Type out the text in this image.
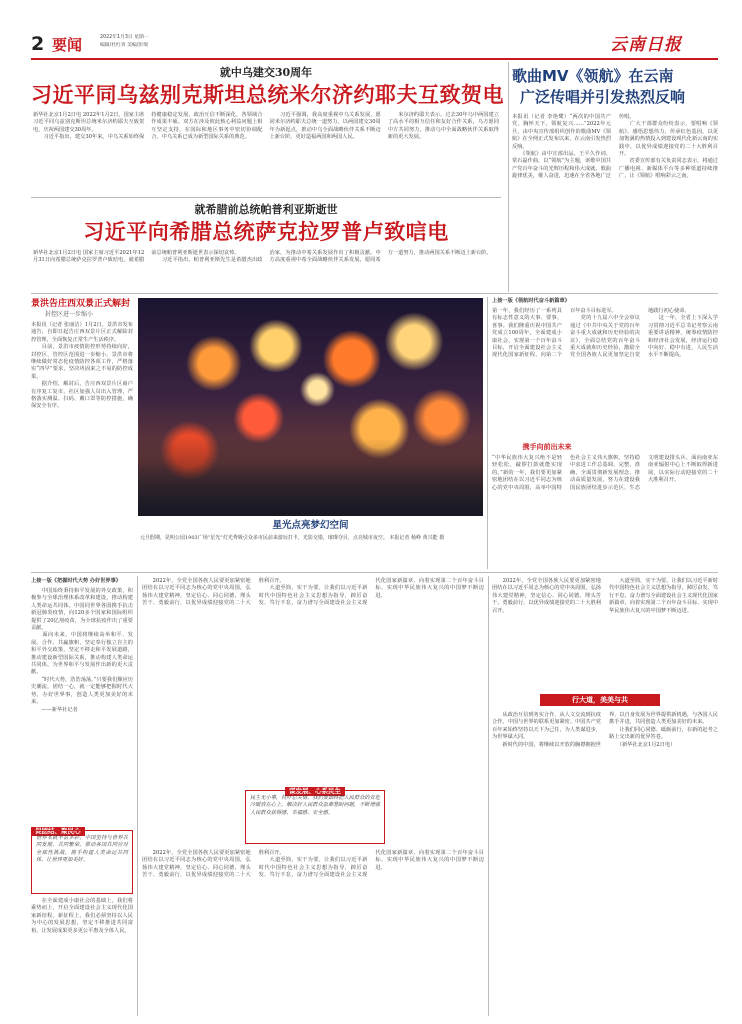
2 要闻	2022年1月3日 星期一
编辑/杜红青 美编/彭瑞	云南日报
就中乌建交30周年
习近平同乌兹别克斯坦总统米尔济约耶夫互致贺电
新华社北京1月2日电 2022年1月2日，国家主席习近平同乌兹别克斯坦总统米尔济约耶夫互致贺电，庆祝两国建交30周年。
　　习近平指出，建交30年来，中乌关系始终保持健康稳定发展，政治互信不断深化，各领域合作成果丰硕。双方在涉及彼此核心利益问题上相互坚定支持，在国际和地区事务中密切协调配合。中乌关系已成为新型国际关系的典范。
　　习近平强调，我高度重视中乌关系发展，愿同米尔济约耶夫总统一道努力，以两国建交30周年为新起点，推动中乌全面战略伙伴关系不断迈上新台阶，更好造福两国和两国人民。
　　米尔济约耶夫表示，过去30年乌中两国建立了高水平的相互信任和友好合作关系，乌方愿同中方共同努力，推动乌中全面战略伙伴关系取得新的更大发展。
就希腊前总统帕普利亚斯逝世
习近平向希腊总统萨克拉罗普卢致唁电
新华社北京1月2日电 国家主席习近平2021年12月31日向希腊总统萨克拉罗普卢致唁电，就希腊前总统帕普利亚斯逝世表示深切哀悼。
　　习近平指出，帕普利亚斯先生是希腊杰出政治家，为推动中希关系发展作出了积极贡献。中方高度重视中希全面战略伙伴关系发展，愿同希方一道努力，推动两国关系不断迈上新台阶。
歌曲MV《领航》在云南
广泛传唱并引发热烈反响
本报讯（记者 李艳鹭）“两次的中国共产党，胸怀天下，领航复兴……”2022年元旦，由中央宣传部组织创作的歌曲MV《领航》在全网正式发布以来，在云南引发热烈反响。
　　《领航》由中宣部出品，王平久作词、常石磊作曲，以“领航”为主题，讴歌中国共产党百年奋斗的光辉历程和伟大成就。歌曲旋律优美，催人奋进，迅速在全省各地广泛传唱。
　　广大干部群众纷纷表示，要唱响《领航》，感悟思想伟力，传承红色基因，以更加饱满的热情投入到建设现代化新云南的实践中，以优异成绩迎接党的二十大胜利召开。
　　省委宣传部有关负责同志表示，将通过广播电视、新媒体平台等多种渠道持续推广，让《领航》唱响彩云之南。
景洪告庄西双景正式解封
封控区进一步缩小
本报讯（记者 张丽洁）1月2日，景洪市发布通告，自即日起告庄西双景片区正式解除封控管理，全面恢复正常生产生活秩序。
　　目前，景洪市疫情防控形势持续向好，封控区、管控区范围进一步缩小。景洪市将继续做好常态化疫情防控各项工作，严格落实“四早”要求，坚决巩固来之不易的防控成果。
　　据介绍，解封后，告庄西双景片区商户有序复工复市，社区加强人员出入管理，严格落实测温、扫码、戴口罩等防控措施，确保安全有序。
星光点亮梦幻空间
元旦假期，昆明公园1903广场“星光”灯光秀吸引众多市民前来游玩打卡，光影交错，璀璨夺目，点亮城市夜空。 本报记者 杨峥 黄兴能 摄
上接一版《领航时代奋斗新篇章》
第一年，我们经历了一系列具有标志性意义的大事、要事、喜事。我们隆重庆祝中国共产党成立100周年，全面建成小康社会，实现第一个百年奋斗目标，开启全面建设社会主义现代化国家新征程，向第二个百年奋斗目标进军。
　　党的十九届六中全会审议通过《中共中央关于党的百年奋斗重大成就和历史经验的决议》，全面总结党的百年奋斗重大成就和历史经验，激励全党全国各族人民更加坚定自觉地践行初心使命。
　　这一年，全省上下深入学习贯彻习近平总书记考察云南重要讲话精神，统筹疫情防控和经济社会发展，经济运行稳中向好、稳中有进，人民生活水平不断提高。
携手向前出未来
“中华民族伟大复兴绝不是轻轻松松、敲锣打鼓就能实现的。”新的一年，我们要更加紧密地团结在以习近平同志为核心的党中央周围，高举中国特色社会主义伟大旗帜，坚持稳中求进工作总基调，完整、准确、全面贯彻新发展理念，推动高质量发展，努力在建设我国民族团结进步示范区、生态文明建设排头兵、面向南亚东南亚辐射中心上不断取得新进展，以实际行动迎接党的二十大胜利召开。
上接一版《把握时代大势 办好世界事》
　　中国始终秉持和平发展的外交政策，积极参与全球治理体系改革和建设，推动构建人类命运共同体。中国同世界各国携手抗击新冠肺炎疫情，向120多个国家和国际组织提供了20亿剂疫苗，为全球抗疫作出了重要贡献。
　　面向未来，中国将继续高举和平、发展、合作、共赢旗帜，坚定奉行独立自主的和平外交政策，坚定不移走和平发展道路，推动建设新型国际关系，推动构建人类命运共同体，为世界和平与发展作出新的更大贡献。
　　“时代大势，浩浩荡荡。”只要我们顺应历史潮流，团结一心，就一定能够把握时代大势，办好世界事，创造人类更加美好的未来。
　　——新华社记者
促团结、聚民心
世界本就丰富多彩，中国坚持与世界共同发展、共同繁荣，推动各国共同应对全球性挑战，携手构建人类命运共同体，让世界更加美好。
　　在全面建成小康社会的基础上，我们将乘势而上，开启全面建设社会主义现代化国家新征程。新征程上，我们必须坚持以人民为中心的发展思想，坚定不移推进共同富裕，让发展成果更多更公平惠及全体人民。
　　2022年，全党全国各族人民要更加紧密地团结在以习近平同志为核心的党中央周围，弘扬伟大建党精神，坚定信心、同心同德，埋头苦干、勇毅前行，以优异成绩迎接党的二十大胜利召开。
　　大道至简，实干为要。让我们以习近平新时代中国特色社会主义思想为指导，踔厉奋发、笃行不怠，奋力谱写全面建设社会主义现代化国家新篇章，向着实现第二个百年奋斗目标、实现中华民族伟大复兴的中国梦不断迈进。
谋发展、心系民生
民生无小事，枝叶总关情。我们要始终把人民群众的安危冷暖放在心上，解决好人民群众急难愁盼问题，不断增强人民群众获得感、幸福感、安全感。
　　2022年，全党全国各族人民要更加紧密地团结在以习近平同志为核心的党中央周围，弘扬伟大建党精神，坚定信心、同心同德，埋头苦干、勇毅前行，以优异成绩迎接党的二十大胜利召开。
　　大道至简，实干为要。让我们以习近平新时代中国特色社会主义思想为指导，踔厉奋发、笃行不怠，奋力谱写全面建设社会主义现代化国家新篇章，向着实现第二个百年奋斗目标、实现中华民族伟大复兴的中国梦不断迈进。
　　2022年，全党全国各族人民要更加紧密地团结在以习近平同志为核心的党中央周围，弘扬伟大建党精神，坚定信心、同心同德，埋头苦干、勇毅前行，以优异成绩迎接党的二十大胜利召开。
　　大道至简，实干为要。让我们以习近平新时代中国特色社会主义思想为指导，踔厉奋发、笃行不怠，奋力谱写全面建设社会主义现代化国家新篇章，向着实现第二个百年奋斗目标、实现中华民族伟大复兴的中国梦不断迈进。
行大道，美美与共
　　从政治互信到务实合作，从人文交流到抗疫合作，中国与世界的联系更加紧密。中国共产党百年来始终坚持以天下为己任，为人类谋进步，为世界谋大同。
　　新时代的中国，将继续以开放的胸襟拥抱世界，以自身发展为世界提供新机遇，与各国人民携手并进，共同创造人类更加美好的未来。
　　让我们同心同德、砥砺前行，在新的赶考之路上交出新的优异答卷。
　　（新华社北京1月2日电）
